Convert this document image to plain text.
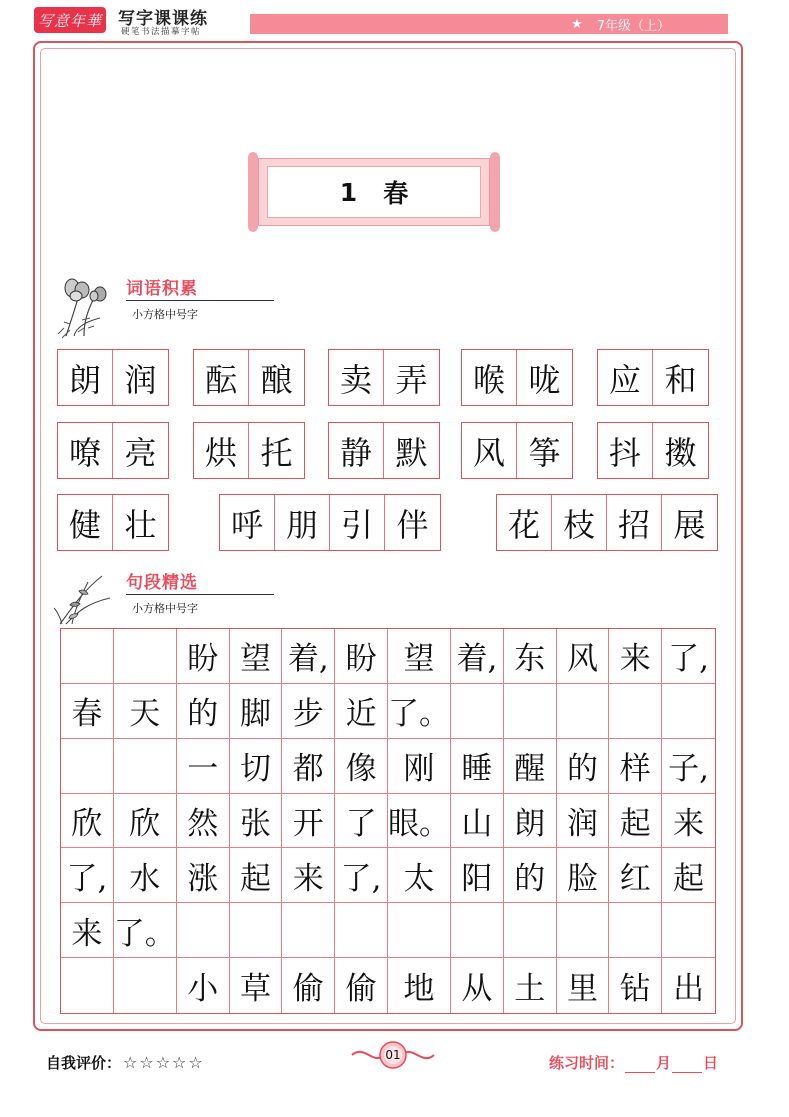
写意年華 写字课课练
硬笔书法描摹字帖
★ 7年级（上）
1 春
词语积累
小方格中号字
朗 润	酝 酿	卖 弄	喉 咙	应 和
嘹 亮	烘 托	静 默	风 筝	抖 擞
健 壮	呼 朋 引 伴	花 枝 招 展
句段精选
小方格中号字
盼 望 着, 盼 望 着, 东 风 来 了,
春 天 的 脚 步 近 了。
一 切 都 像 刚 睡 醒 的 样 子,
欣 欣 然 张 开 了 眼。 山 朗 润 起 来
了, 水 涨 起 来 了, 太 阳 的 脸 红 起
来 了。
小 草 偷 偷 地 从 土 里 钻 出
自我评价： ☆☆☆☆☆	01	练习时间： 月 日
